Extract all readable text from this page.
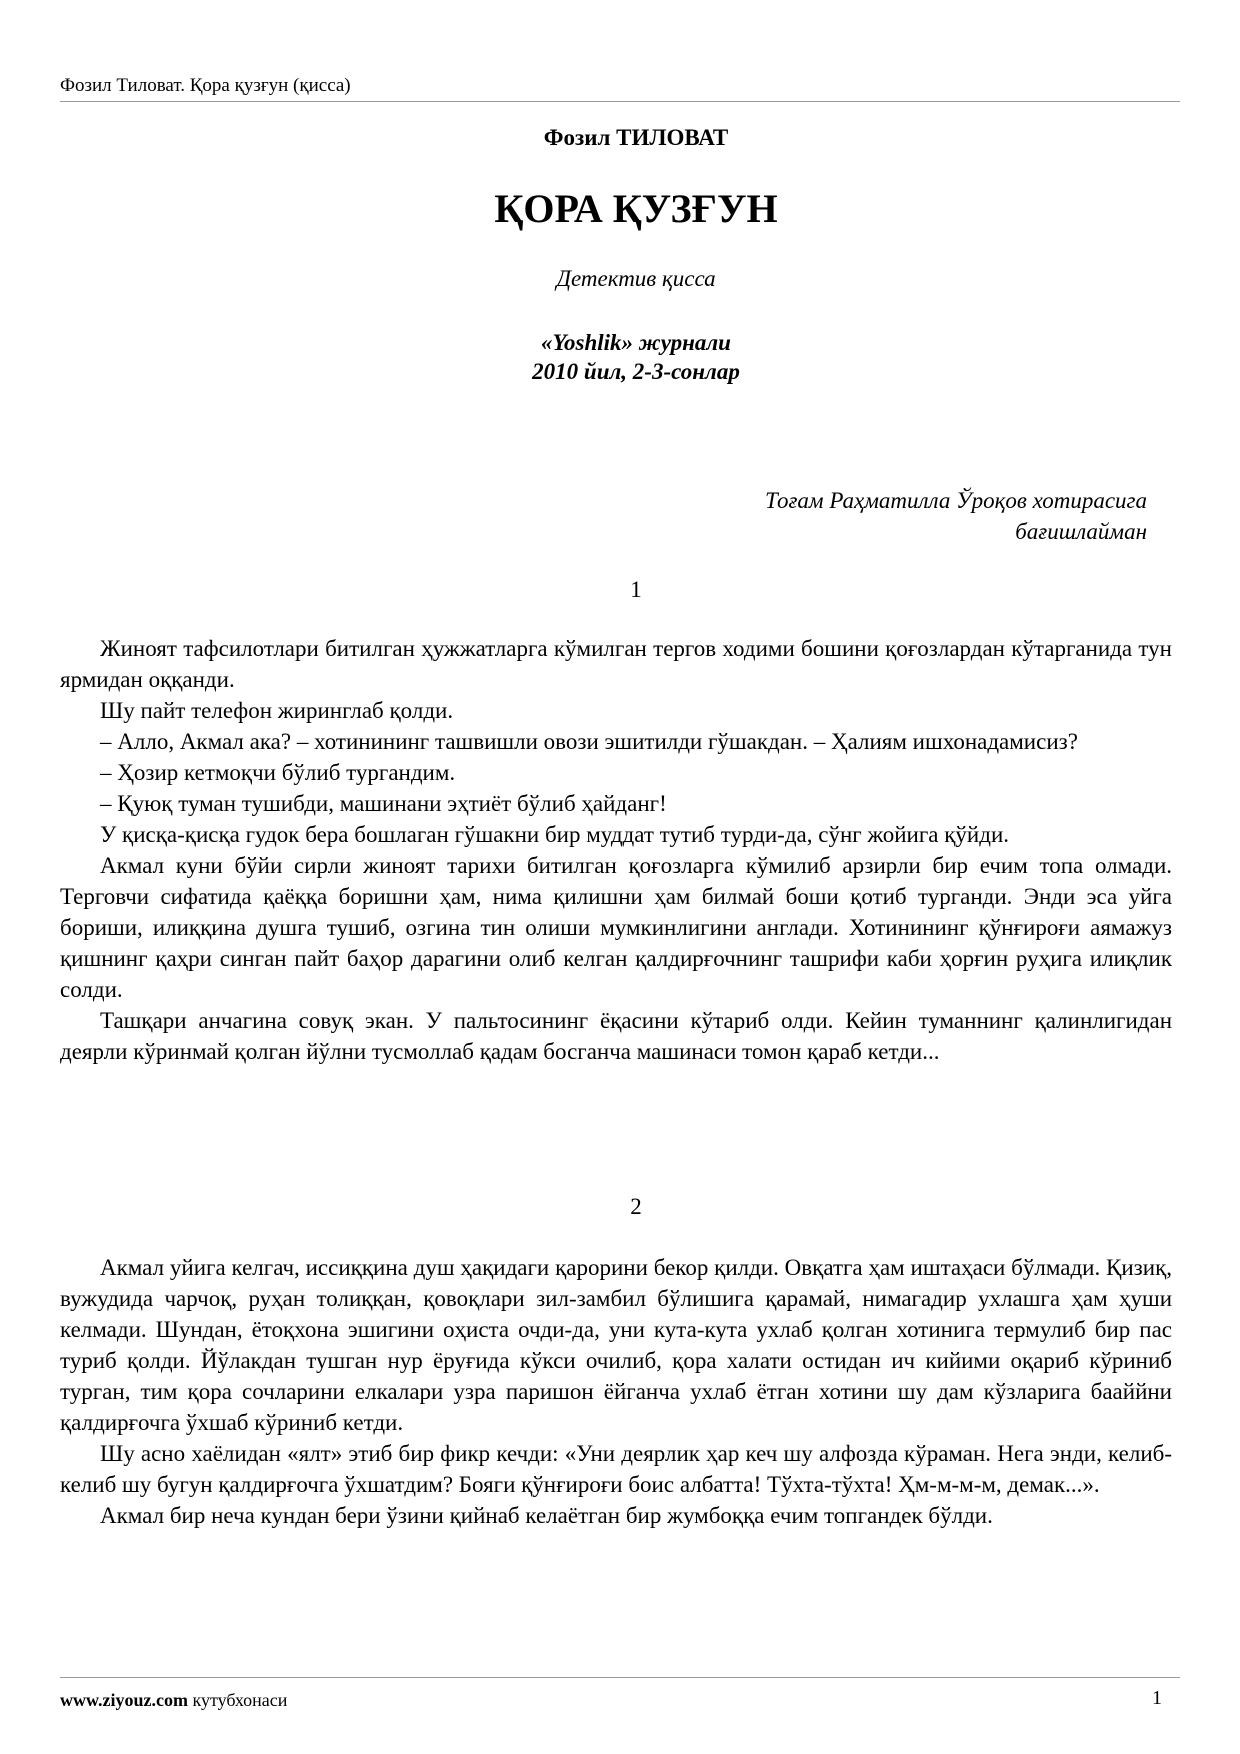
Фозил Тиловат. Қора қузғун (қисса)
Фозил ТИЛОВАТ
ҚОРА ҚУЗҒУН
Детектив қисса
«Yoshlik» журнали
2010 йил, 2-3-сонлар
Тоғам Раҳматилла Ўроқов хотирасига
бағишлайман
1

Жиноят тафсилотлари битилган ҳужжатларга кўмилган тергов ходими бошини қоғозлардан кўтарганида тун ярмидан оққанди.

Шу пайт телефон жиринглаб қолди.

– Алло, Акмал ака? – хотинининг ташвишли овози эшитилди гўшакдан. – Ҳалиям ишхонадамисиз?

– Ҳозир кетмоқчи бўлиб тургандим.

– Қуюқ туман тушибди, машинани эҳтиёт бўлиб ҳайданг!

У қисқа-қисқа гудок бера бошлаган гўшакни бир муддат тутиб турди-да, сўнг жойига қўйди.

Акмал куни бўйи сирли жиноят тарихи битилган қоғозларга кўмилиб арзирли бир ечим топа олмади. Терговчи сифатида қаёққа боришни ҳам, нима қилишни ҳам билмай боши қотиб турганди. Энди эса уйга бориши, илиққина душга тушиб, озгина тин олиши мумкинлигини англади. Хотинининг қўнғироғи аямажуз қишнинг қаҳри синган пайт баҳор дарагини олиб келган қалдирғочнинг ташрифи каби ҳорғин руҳига илиқлик солди.

Ташқари анчагина совуқ экан. У пальтосининг ёқасини кўтариб олди. Кейин туманнинг қалинлигидан деярли кўринмай қолган йўлни тусмоллаб қадам босганча машинаси томон қараб кетди...

2

Акмал уйига келгач, иссиққина душ ҳақидаги қарорини бекор қилди. Овқатга ҳам иштаҳаси бўлмади. Қизиқ, вужудида чарчоқ, руҳан толиққан, қовоқлари зил-замбил бўлишига қарамай, нимагадир ухлашга ҳам ҳуши келмади. Шундан, ётоқхона эшигини оҳиста очди-да, уни кута-кута ухлаб қолган хотинига термулиб бир пас туриб қолди. Йўлакдан тушган нур ёруғида кўкси очилиб, қора халати остидан ич кийими оқариб кўриниб турган, тим қора сочларини елкалари узра паришон ёйганча ухлаб ётган хотини шу дам кўзларига бааййни қалдирғочга ўхшаб кўриниб кетди.

Шу асно хаёлидан «ялт» этиб бир фикр кечди: «Уни деярлик ҳар кеч шу алфозда кўраман. Нега энди, келиб-келиб шу бугун қалдирғочга ўхшатдим? Бояги қўнғироғи боис албатта! Тўхта-тўхта! Ҳм-м-м-м, демак...».

Акмал бир неча кундан бери ўзини қийнаб келаётган бир жумбоққа ечим топгандек бўлди.

www.ziyouz.com кутубхонаси	1
